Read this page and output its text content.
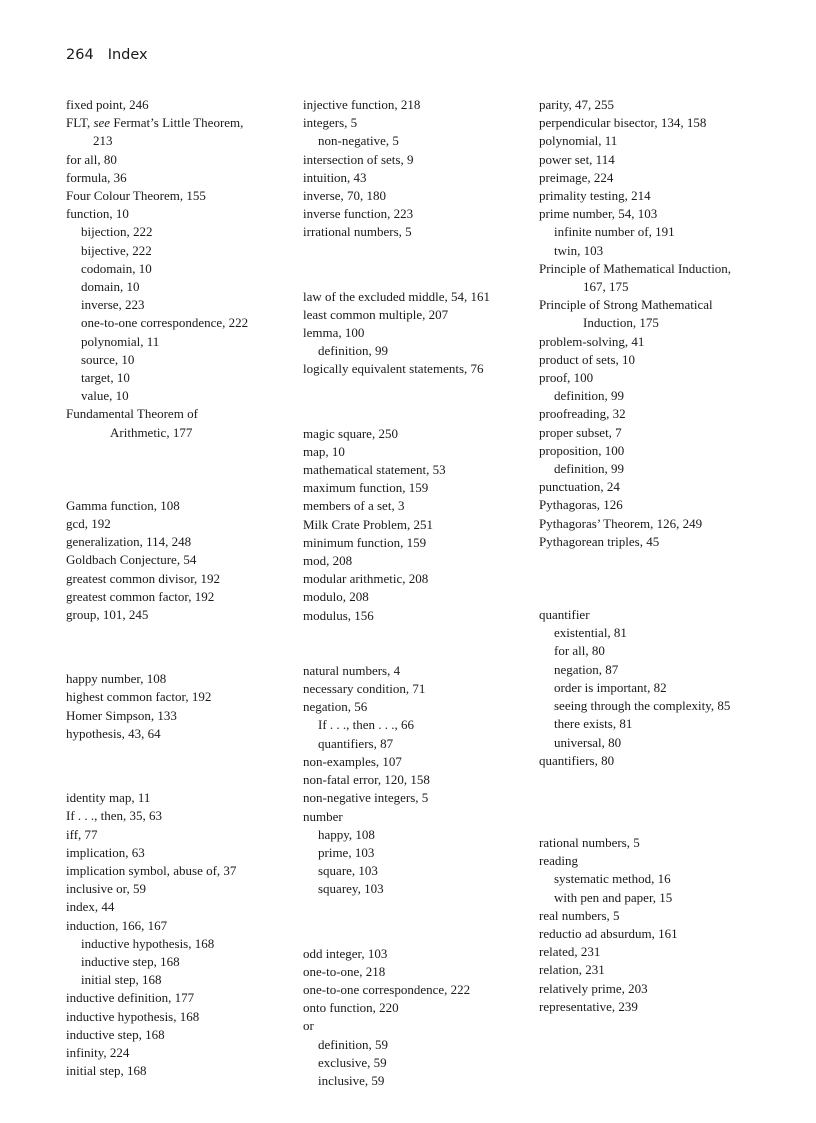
264 Index

fixed point, 246

FLT, see Fermat’s Little Theorem,

213

for all, 80

formula, 36

Four Colour Theorem, 155

function, 10

bijection, 222

bijective, 222

codomain, 10

domain, 10

inverse, 223

one-to-one correspondence, 222

polynomial, 11

source, 10

target, 10

value, 10

Fundamental Theorem of

Arithmetic, 177

Gamma function, 108

gcd, 192

generalization, 114, 248

Goldbach Conjecture, 54

greatest common divisor, 192

greatest common factor, 192

group, 101, 245

happy number, 108

highest common factor, 192

Homer Simpson, 133

hypothesis, 43, 64

identity map, 11

If . . ., then, 35, 63

iff, 77

implication, 63

implication symbol, abuse of, 37

inclusive or, 59

index, 44

induction, 166, 167

inductive hypothesis, 168

inductive step, 168

initial step, 168

inductive definition, 177

inductive hypothesis, 168

inductive step, 168

infinity, 224

initial step, 168

injective function, 218

integers, 5

non-negative, 5

intersection of sets, 9

intuition, 43

inverse, 70, 180

inverse function, 223

irrational numbers, 5

law of the excluded middle, 54, 161

least common multiple, 207

lemma, 100

definition, 99

logically equivalent statements, 76

magic square, 250

map, 10

mathematical statement, 53

maximum function, 159

members of a set, 3

Milk Crate Problem, 251

minimum function, 159

mod, 208

modular arithmetic, 208

modulo, 208

modulus, 156

natural numbers, 4

necessary condition, 71

negation, 56

If . . ., then . . ., 66

quantifiers, 87

non-examples, 107

non-fatal error, 120, 158

non-negative integers, 5

number

happy, 108

prime, 103

square, 103

squarey, 103

odd integer, 103

one-to-one, 218

one-to-one correspondence, 222

onto function, 220

or

definition, 59

exclusive, 59

inclusive, 59

parity, 47, 255

perpendicular bisector, 134, 158

polynomial, 11

power set, 114

preimage, 224

primality testing, 214

prime number, 54, 103

infinite number of, 191

twin, 103

Principle of Mathematical Induction,

167, 175

Principle of Strong Mathematical

Induction, 175

problem-solving, 41

product of sets, 10

proof, 100

definition, 99

proofreading, 32

proper subset, 7

proposition, 100

definition, 99

punctuation, 24

Pythagoras, 126

Pythagoras’ Theorem, 126, 249

Pythagorean triples, 45

quantifier

existential, 81

for all, 80

negation, 87

order is important, 82

seeing through the complexity, 85

there exists, 81

universal, 80

quantifiers, 80

rational numbers, 5

reading

systematic method, 16

with pen and paper, 15

real numbers, 5

reductio ad absurdum, 161

related, 231

relation, 231

relatively prime, 203

representative, 239
